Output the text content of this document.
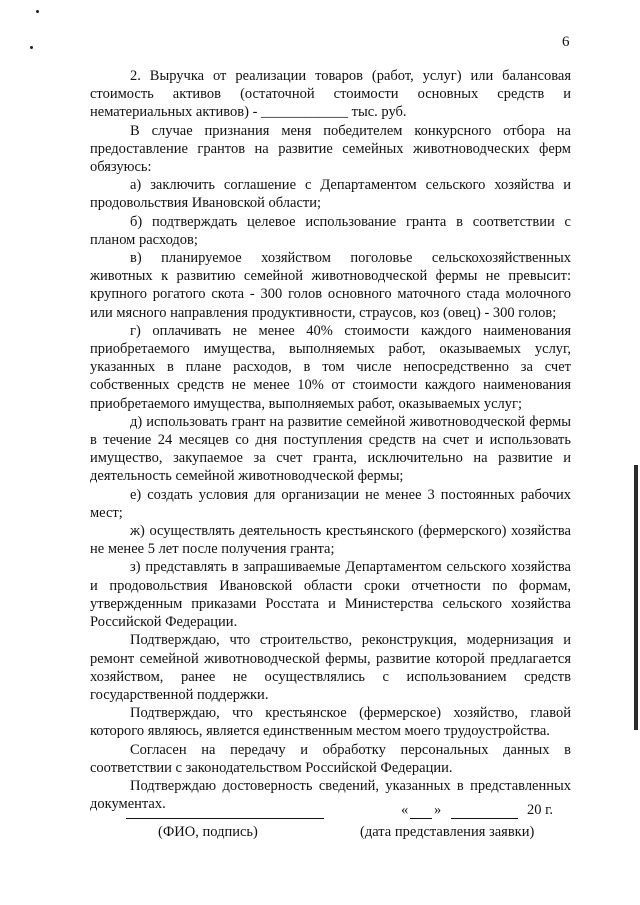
6

2. Выручка от реализации товаров (работ, услуг) или балансовая стоимость активов (остаточной стоимости основных средств и нематериальных активов) - ____________ тыс. руб.

В случае признания меня победителем конкурсного отбора на предоставление грантов на развитие семейных животноводческих ферм обязуюсь:

а) заключить соглашение с Департаментом сельского хозяйства и продовольствия Ивановской области;

б) подтверждать целевое использование гранта в соответствии с планом расходов;

в) планируемое хозяйством поголовье сельскохозяйственных животных к развитию семейной животноводческой фермы не превысит: крупного рогатого скота - 300 голов основного маточного стада молочного или мясного направления продуктивности, страусов, коз (овец) - 300 голов;

г) оплачивать не менее 40% стоимости каждого наименования приобретаемого имущества, выполняемых работ, оказываемых услуг, указанных в плане расходов, в том числе непосредственно за счет собственных средств не менее 10% от стоимости каждого наименования приобретаемого имущества, выполняемых работ, оказываемых услуг;

д) использовать грант на развитие семейной животноводческой фермы в течение 24 месяцев со дня поступления средств на счет и использовать имущество, закупаемое за счет гранта, исключительно на развитие и деятельность семейной животноводческой фермы;

е) создать условия для организации не менее 3 постоянных рабочих мест;

ж) осуществлять деятельность крестьянского (фермерского) хозяйства не менее 5 лет после получения гранта;

з) представлять в запрашиваемые Департаментом сельского хозяйства и продовольствия Ивановской области сроки отчетности по формам, утвержденным приказами Росстата и Министерства сельского хозяйства Российской Федерации.

Подтверждаю, что строительство, реконструкция, модернизация и ремонт семейной животноводческой фермы, развитие которой предлагается хозяйством, ранее не осуществлялись с использованием средств государственной поддержки.

Подтверждаю, что крестьянское (фермерское) хозяйство, главой которого являюсь, является единственным местом моего трудоустройства.

Согласен на передачу и обработку персональных данных в соответствии с законодательством Российской Федерации.

Подтверждаю достоверность сведений, указанных в представленных документах.	« »	20 г.
(ФИО, подпись)	(дата представления заявки)
